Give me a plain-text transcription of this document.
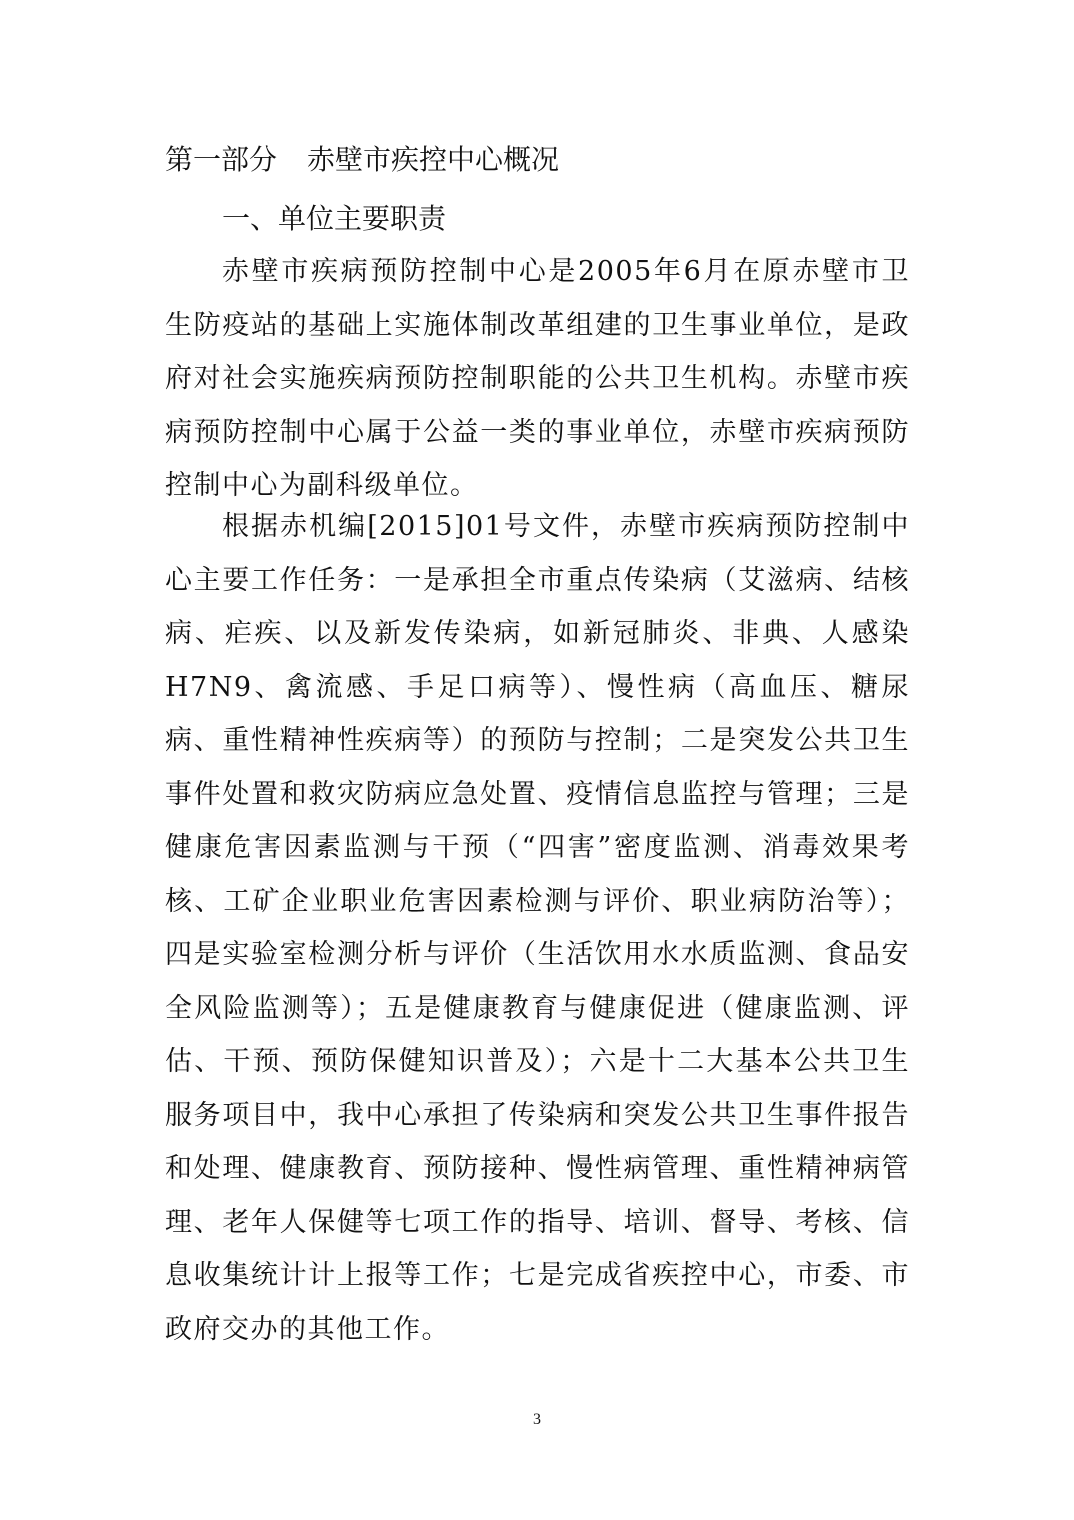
第一部分 赤壁市疾控中心概况
一、单位主要职责

赤壁市疾病预防控制中心是2005年6月在原赤壁市卫生防疫站的基础上实施体制改革组建的卫生事业单位，是政府对社会实施疾病预防控制职能的公共卫生机构。赤壁市疾病预防控制中心属于公益一类的事业单位，赤壁市疾病预防控制中心为副科级单位。

根据赤机编[2015]01号文件，赤壁市疾病预防控制中心主要工作任务：一是承担全市重点传染病（艾滋病、结核病、疟疾、以及新发传染病，如新冠肺炎、非典、人感染H7N9、禽流感、手足口病等）、慢性病（高血压、糖尿病、重性精神性疾病等）的预防与控制；二是突发公共卫生事件处置和救灾防病应急处置、疫情信息监控与管理；三是健康危害因素监测与干预（“四害”密度监测、消毒效果考核、工矿企业职业危害因素检测与评价、职业病防治等）；四是实验室检测分析与评价（生活饮用水水质监测、食品安全风险监测等）；五是健康教育与健康促进（健康监测、评估、干预、预防保健知识普及）；六是十二大基本公共卫生服务项目中，我中心承担了传染病和突发公共卫生事件报告和处理、健康教育、预防接种、慢性病管理、重性精神病管理、老年人保健等七项工作的指导、培训、督导、考核、信息收集统计计上报等工作；七是完成省疾控中心，市委、市政府交办的其他工作。

3
